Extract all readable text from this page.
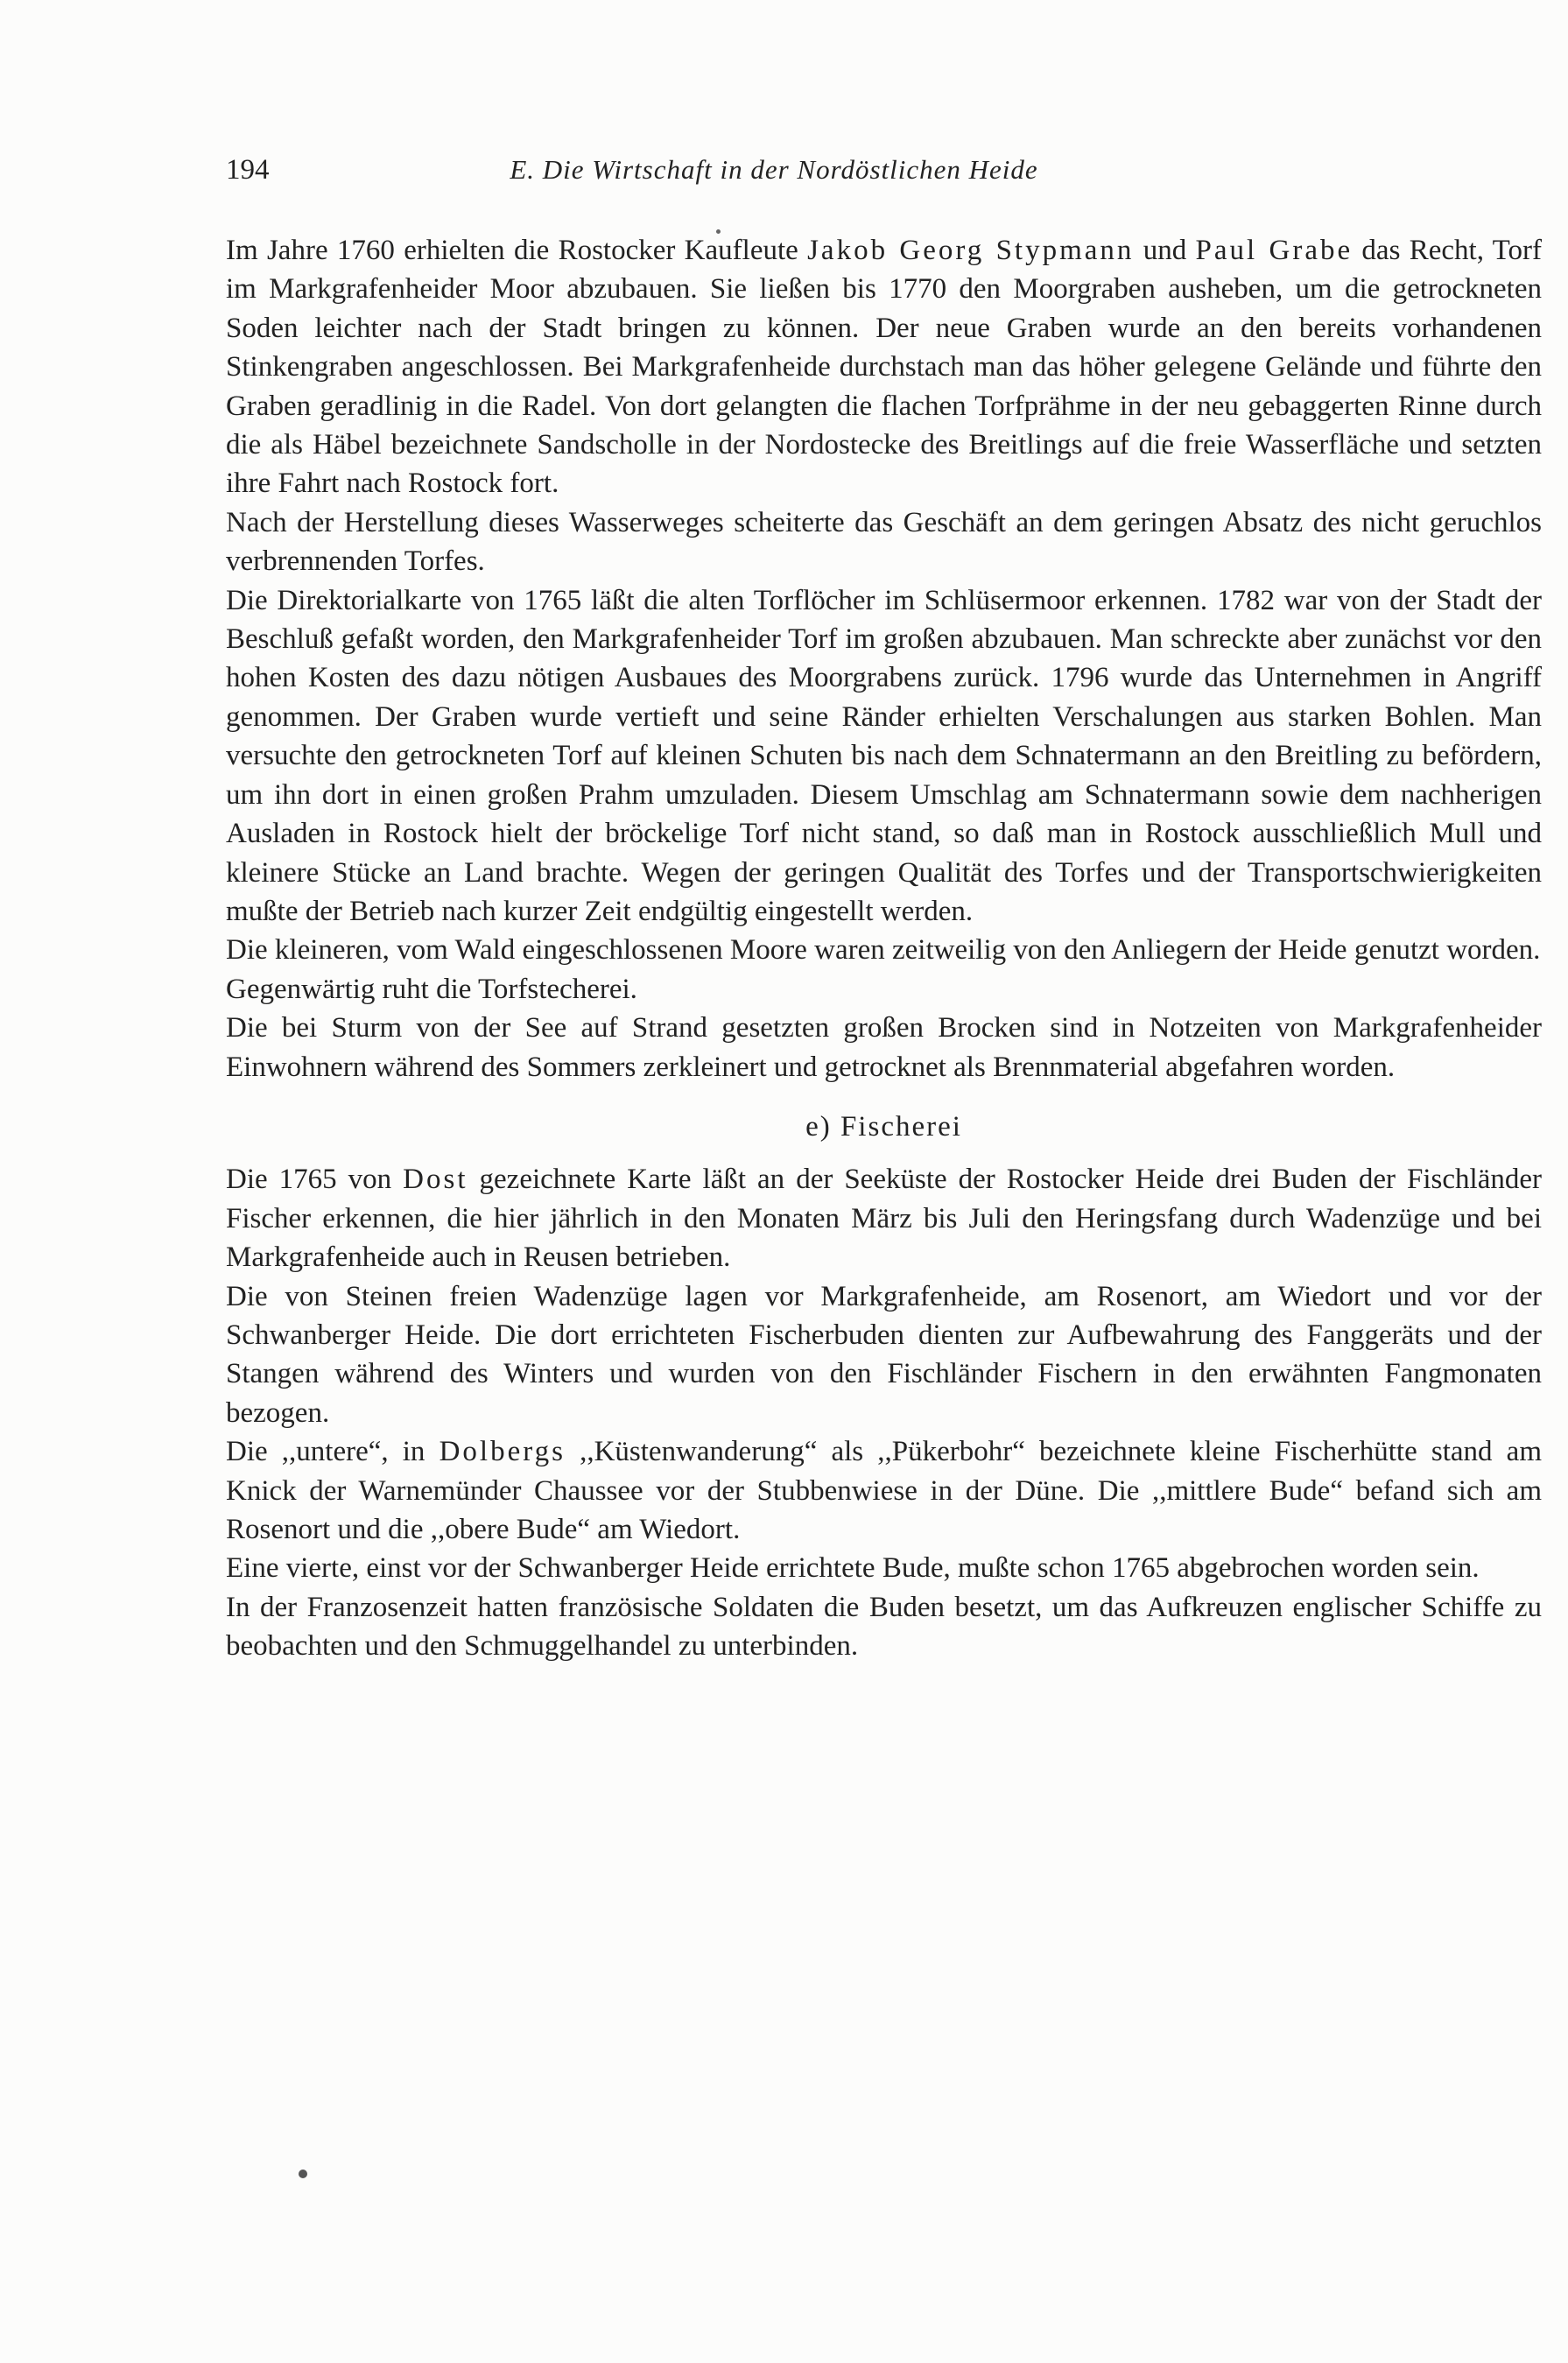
194	E. Die Wirtschaft in der Nordöstlichen Heide

Im Jahre 1760 erhielten die Rostocker Kaufleute Jakob Georg Stypmann und Paul Grabe das Recht, Torf im Markgrafenheider Moor abzubauen. Sie ließen bis 1770 den Moorgraben ausheben, um die getrockneten Soden leichter nach der Stadt bringen zu können. Der neue Graben wurde an den bereits vorhandenen Stinkengraben angeschlossen. Bei Markgrafenheide durchstach man das höher gelegene Gelände und führte den Graben geradlinig in die Radel. Von dort gelangten die flachen Torfprähme in der neu gebaggerten Rinne durch die als Häbel bezeichnete Sandscholle in der Nordostecke des Breitlings auf die freie Wasserfläche und setzten ihre Fahrt nach Rostock fort.

Nach der Herstellung dieses Wasserweges scheiterte das Geschäft an dem geringen Absatz des nicht geruchlos verbrennenden Torfes.

Die Direktorialkarte von 1765 läßt die alten Torflöcher im Schlüsermoor erkennen. 1782 war von der Stadt der Beschluß gefaßt worden, den Markgrafenheider Torf im großen abzubauen. Man schreckte aber zunächst vor den hohen Kosten des dazu nötigen Ausbaues des Moorgrabens zurück. 1796 wurde das Unternehmen in Angriff genommen. Der Graben wurde vertieft und seine Ränder erhielten Verschalungen aus starken Bohlen. Man versuchte den getrockneten Torf auf kleinen Schuten bis nach dem Schnatermann an den Breitling zu befördern, um ihn dort in einen großen Prahm umzuladen. Diesem Umschlag am Schnatermann sowie dem nachherigen Ausladen in Rostock hielt der bröckelige Torf nicht stand, so daß man in Rostock ausschließlich Mull und kleinere Stücke an Land brachte. Wegen der geringen Qualität des Torfes und der Transportschwierigkeiten mußte der Betrieb nach kurzer Zeit endgültig eingestellt werden.

Die kleineren, vom Wald eingeschlossenen Moore waren zeitweilig von den Anliegern der Heide genutzt worden.

Gegenwärtig ruht die Torfstecherei.

Die bei Sturm von der See auf Strand gesetzten großen Brocken sind in Notzeiten von Markgrafenheider Einwohnern während des Sommers zerkleinert und getrocknet als Brennmaterial abgefahren worden.

e) Fischerei

Die 1765 von Dost gezeichnete Karte läßt an der Seeküste der Rostocker Heide drei Buden der Fischländer Fischer erkennen, die hier jährlich in den Monaten März bis Juli den Heringsfang durch Wadenzüge und bei Markgrafenheide auch in Reusen betrieben.

Die von Steinen freien Wadenzüge lagen vor Markgrafenheide, am Rosenort, am Wiedort und vor der Schwanberger Heide. Die dort errichteten Fischerbuden dienten zur Aufbewahrung des Fanggeräts und der Stangen während des Winters und wurden von den Fischländer Fischern in den erwähnten Fangmonaten bezogen.

Die ,,untere“, in Dolbergs ,,Küstenwanderung“ als ,,Pükerbohr“ bezeichnete kleine Fischerhütte stand am Knick der Warnemünder Chaussee vor der Stubbenwiese in der Düne. Die ,,mittlere Bude“ befand sich am Rosenort und die ,,obere Bude“ am Wiedort.

Eine vierte, einst vor der Schwanberger Heide errichtete Bude, mußte schon 1765 abgebrochen worden sein.

In der Franzosenzeit hatten französische Soldaten die Buden besetzt, um das Aufkreuzen englischer Schiffe zu beobachten und den Schmuggelhandel zu unterbinden.
